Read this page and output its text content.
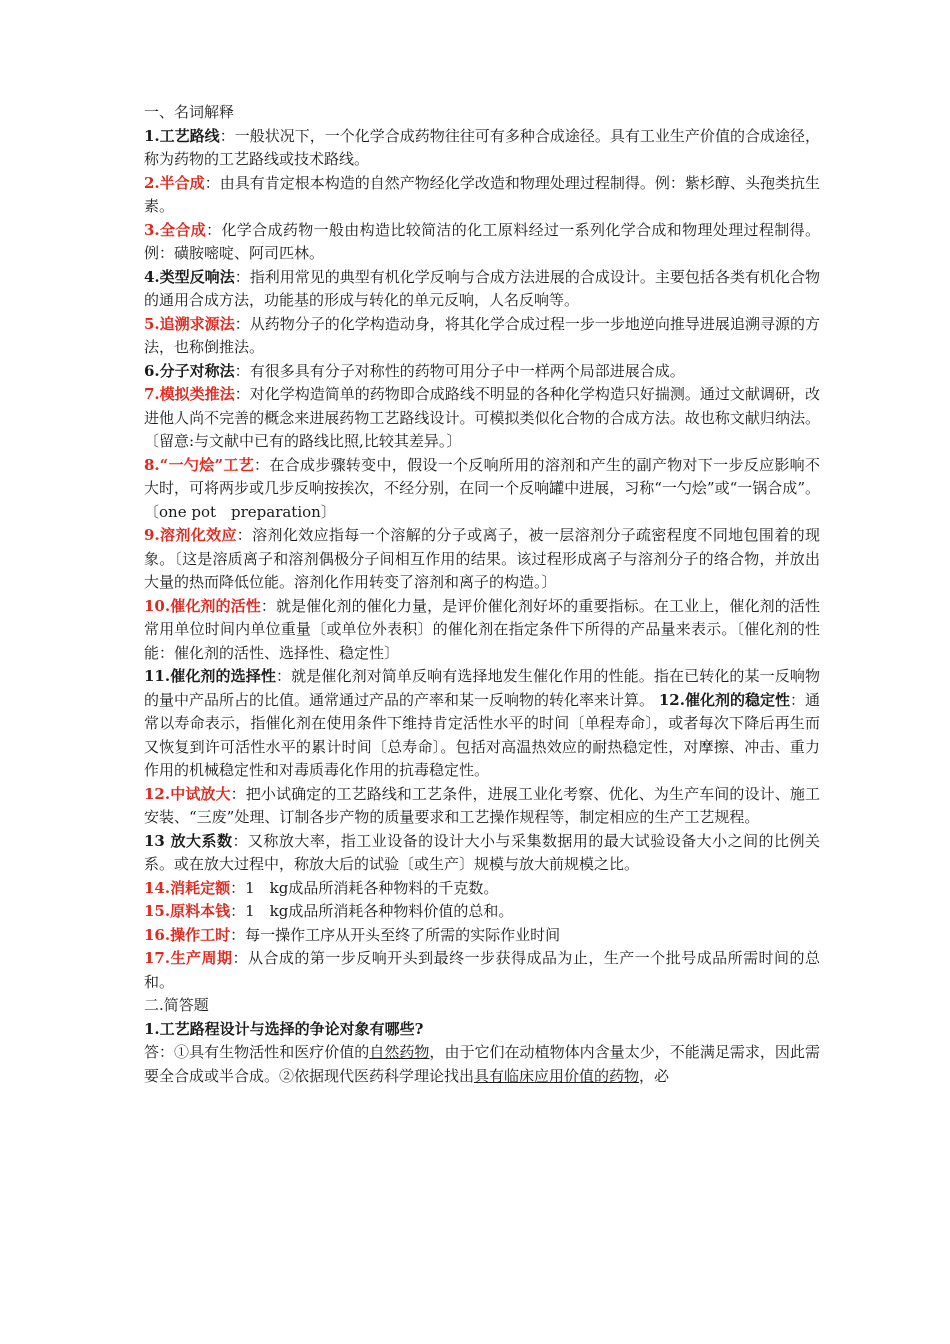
一、名词解释

1.工艺路线：一般状况下，一个化学合成药物往往可有多种合成途径。具有工业生产价值的合成途径，称为药物的工艺路线或技术路线。

2.半合成：由具有肯定根本构造的自然产物经化学改造和物理处理过程制得。例：紫杉醇、头孢类抗生素。

3.全合成：化学合成药物一般由构造比较简洁的化工原料经过一系列化学合成和物理处理过程制得。例：磺胺嘧啶、阿司匹林。

4.类型反响法：指利用常见的典型有机化学反响与合成方法进展的合成设计。主要包括各类有机化合物的通用合成方法，功能基的形成与转化的单元反响，人名反响等。

5.追溯求源法：从药物分子的化学构造动身，将其化学合成过程一步一步地逆向推导进展追溯寻源的方法，也称倒推法。

6.分子对称法：有很多具有分子对称性的药物可用分子中一样两个局部进展合成。

7.模拟类推法：对化学构造简单的药物即合成路线不明显的各种化学构造只好揣测。通过文献调研，改进他人尚不完善的概念来进展药物工艺路线设计。可模拟类似化合物的合成方法。故也称文献归纳法。〔留意:与文献中已有的路线比照,比较其差异。〕

8.“一勺烩”工艺：在合成步骤转变中，假设一个反响所用的溶剂和产生的副产物对下一步反应影响不大时，可将两步或几步反响按挨次，不经分别，在同一个反响罐中进展，习称“一勺烩”或“一锅合成”。〔one pot　preparation〕

9.溶剂化效应：溶剂化效应指每一个溶解的分子或离子，被一层溶剂分子疏密程度不同地包围着的现象。〔这是溶质离子和溶剂偶极分子间相互作用的结果。该过程形成离子与溶剂分子的络合物，并放出大量的热而降低位能。溶剂化作用转变了溶剂和离子的构造。〕

10.催化剂的活性：就是催化剂的催化力量，是评价催化剂好坏的重要指标。在工业上，催化剂的活性常用单位时间内单位重量〔或单位外表积〕的催化剂在指定条件下所得的产品量来表示。〔催化剂的性能：催化剂的活性、选择性、稳定性〕

11.催化剂的选择性：就是催化剂对简单反响有选择地发生催化作用的性能。指在已转化的某一反响物的量中产品所占的比值。通常通过产品的产率和某一反响物的转化率来计算。 12.催化剂的稳定性：通常以寿命表示，指催化剂在使用条件下维持肯定活性水平的时间〔单程寿命〕，或者每次下降后再生而又恢复到许可活性水平的累计时间〔总寿命〕。包括对高温热效应的耐热稳定性，对摩擦、冲击、重力作用的机械稳定性和对毒质毒化作用的抗毒稳定性。

12.中试放大：把小试确定的工艺路线和工艺条件，进展工业化考察、优化、为生产车间的设计、施工安装、“三废”处理、订制各步产物的质量要求和工艺操作规程等，制定相应的生产工艺规程。

13 放大系数：又称放大率，指工业设备的设计大小与采集数据用的最大试验设备大小之间的比例关系。或在放大过程中，称放大后的试验〔或生产〕规模与放大前规模之比。

14.消耗定额：1　kg成品所消耗各种物料的千克数。

15.原料本钱：1　kg成品所消耗各种物料价值的总和。

16.操作工时：每一操作工序从开头至终了所需的实际作业时间

17.生产周期：从合成的第一步反响开头到最终一步获得成品为止，生产一个批号成品所需时间的总和。

二.简答题

1.工艺路程设计与选择的争论对象有哪些?

答：①具有生物活性和医疗价值的自然药物，由于它们在动植物体内含量太少，不能满足需求，因此需要全合成或半合成。②依据现代医药科学理论找出具有临床应用价值的药物，必
